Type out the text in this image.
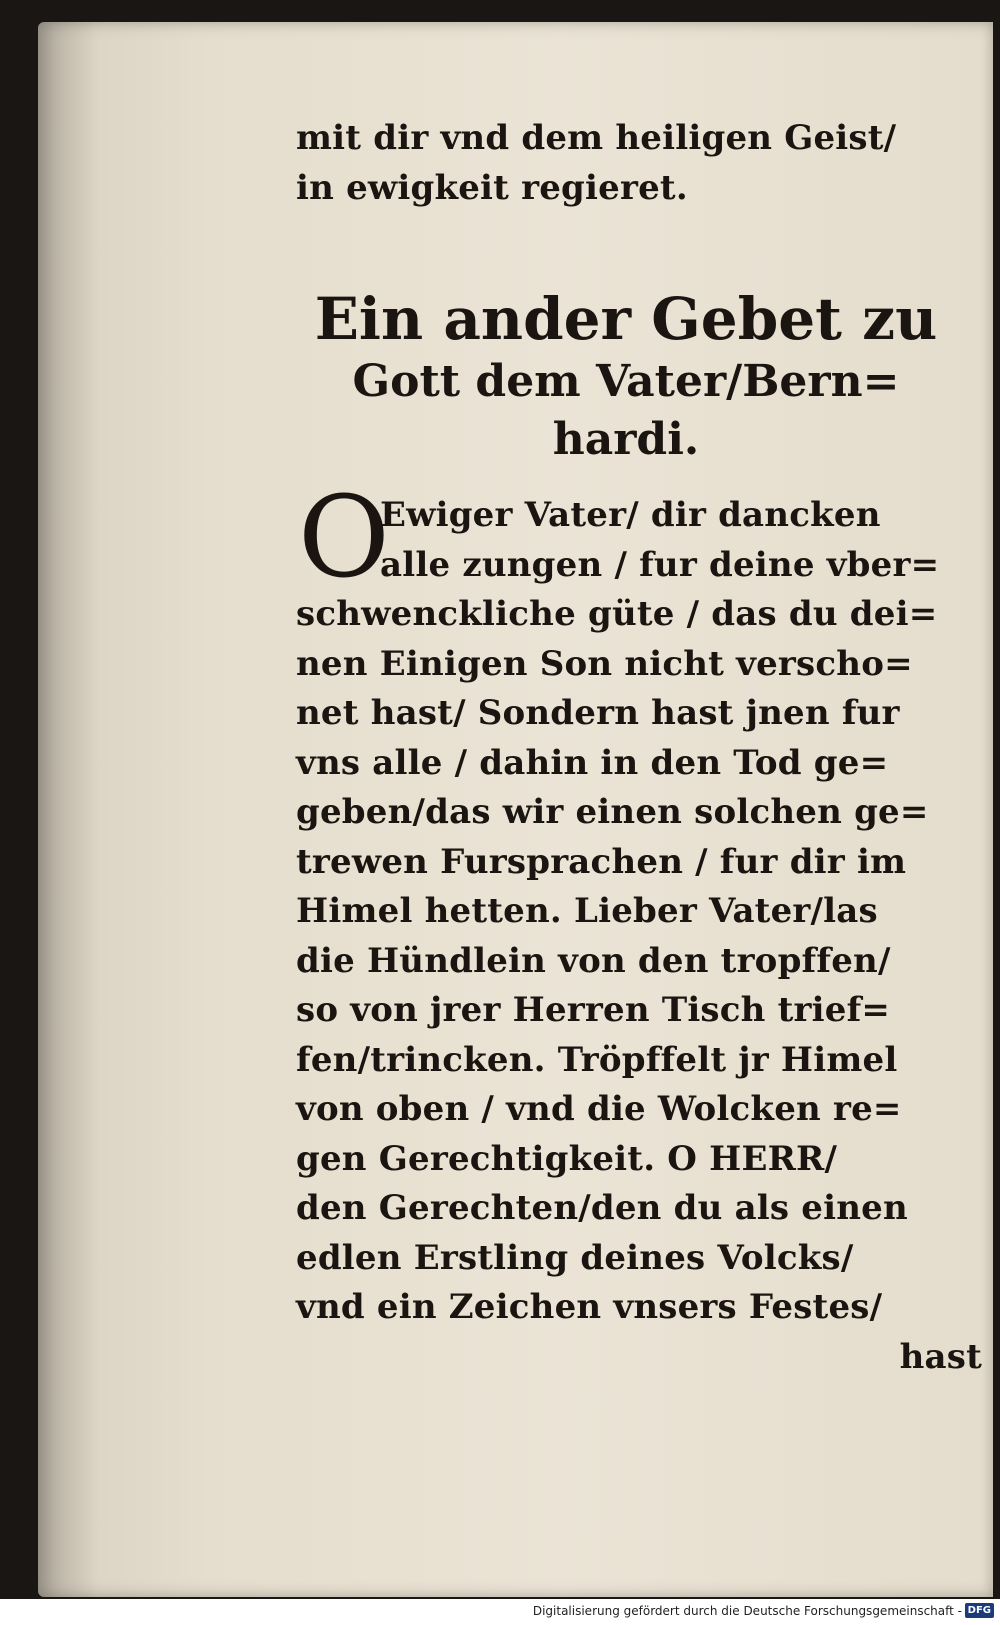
mit dir vnd dem heiligen Geist/
in ewigkeit regieret.
Ein ander Gebet zu
Gott dem Vater/Bern=
hardi.
O
Ewiger Vater/ dir dancken
alle zungen / fur deine vber=
schwenckliche güte / das du dei=
nen Einigen Son nicht verscho=
net hast/ Sondern hast jnen fur
vns alle / dahin in den Tod ge=
geben/das wir einen solchen ge=
trewen Fursprachen / fur dir im
Himel hetten. Lieber Vater/las
die Hündlein von den tropffen/
so von jrer Herren Tisch trief=
fen/trincken. Tröpffelt jr Himel
von oben / vnd die Wolcken re=
gen Gerechtigkeit. O HERR/
den Gerechten/den du als einen
edlen Erstling deines Volcks/
vnd ein Zeichen vnsers Festes/
hast
Digitalisierung gefördert durch die Deutsche Forschungsgemeinschaft - DFG
